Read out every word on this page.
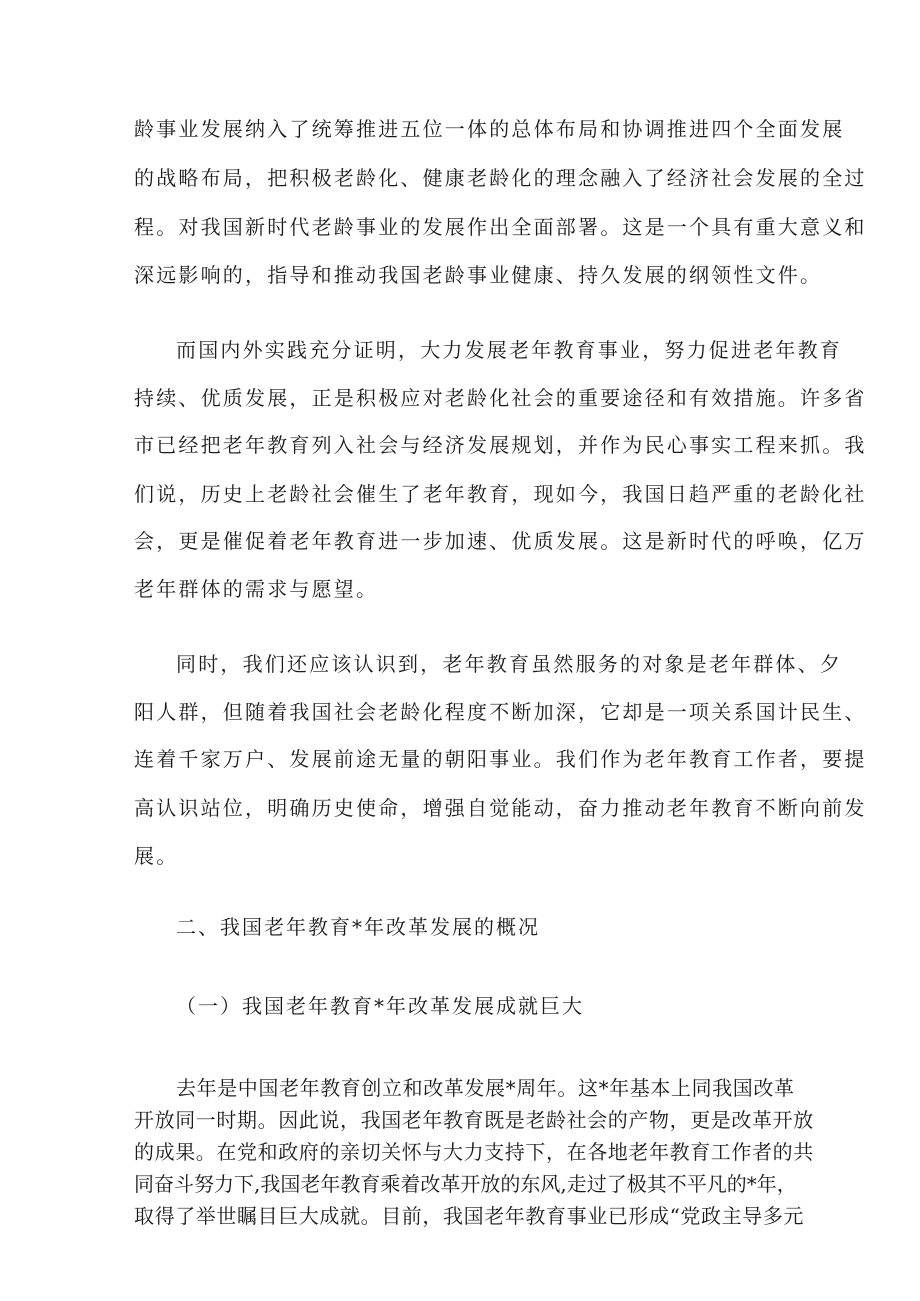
龄事业发展纳入了统筹推进五位一体的总体布局和协调推进四个全面发展
的战略布局，把积极老龄化、健康老龄化的理念融入了经济社会发展的全过
程。对我国新时代老龄事业的发展作出全面部署。这是一个具有重大意义和
深远影响的，指导和推动我国老龄事业健康、持久发展的纲领性文件。
而国内外实践充分证明，大力发展老年教育事业，努力促进老年教育
持续、优质发展，正是积极应对老龄化社会的重要途径和有效措施。许多省
市已经把老年教育列入社会与经济发展规划，并作为民心事实工程来抓。我
们说，历史上老龄社会催生了老年教育，现如今，我国日趋严重的老龄化社
会，更是催促着老年教育进一步加速、优质发展。这是新时代的呼唤，亿万
老年群体的需求与愿望。
同时，我们还应该认识到，老年教育虽然服务的对象是老年群体、夕
阳人群，但随着我国社会老龄化程度不断加深，它却是一项关系国计民生、
连着千家万户、发展前途无量的朝阳事业。我们作为老年教育工作者，要提
高认识站位，明确历史使命，增强自觉能动，奋力推动老年教育不断向前发
展。
二、我国老年教育*年改革发展的概况
（一）我国老年教育*年改革发展成就巨大
去年是中国老年教育创立和改革发展*周年。这*年基本上同我国改革
开放同一时期。因此说，我国老年教育既是老龄社会的产物，更是改革开放
的成果。在党和政府的亲切关怀与大力支持下，在各地老年教育工作者的共
同奋斗努力下,我国老年教育乘着改革开放的东风,走过了极其不平凡的*年，
取得了举世瞩目巨大成就。目前，我国老年教育事业已形成“党政主导多元
